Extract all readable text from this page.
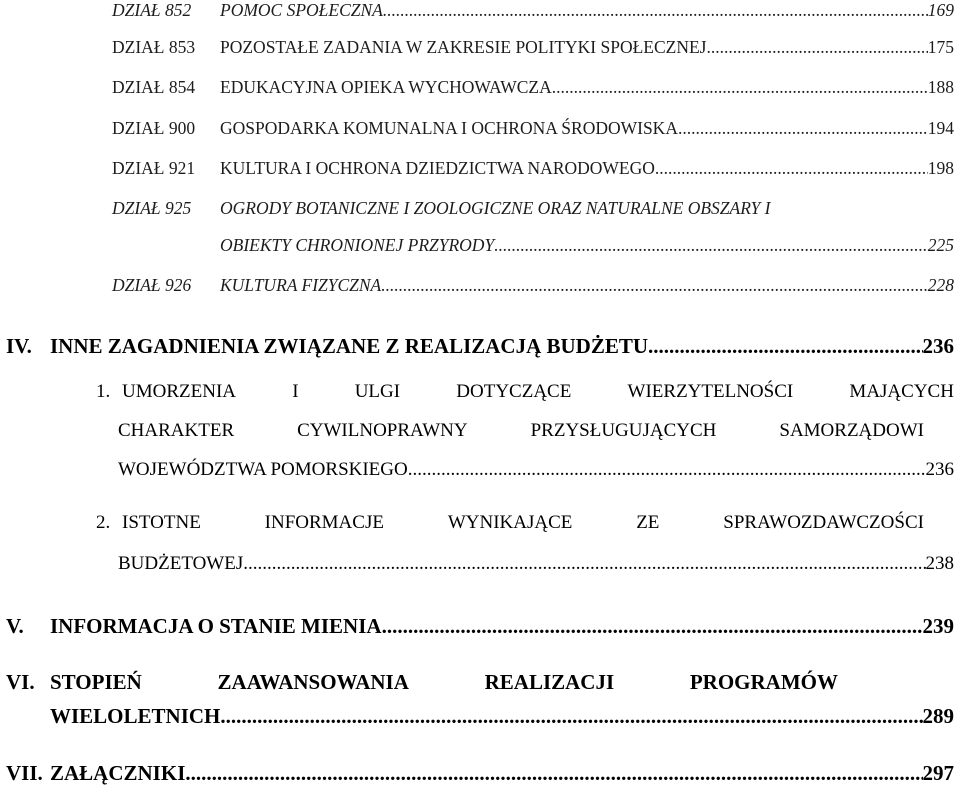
DZIAŁ 852	POMOC SPOŁECZNA .....	169
DZIAŁ 853	POZOSTAŁE ZADANIA W ZAKRESIE POLITYKI SPOŁECZNEJ .....	175
DZIAŁ 854	EDUKACYJNA OPIEKA WYCHOWAWCZA .....	188
DZIAŁ 900	GOSPODARKA KOMUNALNA I OCHRONA ŚRODOWISKA .....	194
DZIAŁ 921	KULTURA I OCHRONA DZIEDZICTWA NARODOWEGO .....	198
DZIAŁ 925	OGRODY BOTANICZNE I ZOOLOGICZNE ORAZ NATURALNE OBSZARY I
OBIEKTY CHRONIONEJ PRZYRODY .....	225
DZIAŁ 926	KULTURA FIZYCZNA .....	228
IV. INNE ZAGADNIENIA ZWIĄZANE Z REALIZACJĄ BUDŻETU .....	236
1. UMORZENIA	I	ULGI	DOTYCZĄCE	WIERZYTELNOŚCI	MAJĄCYCH
CHARAKTER	CYWILNOPRAWNY	PRZYSŁUGUJĄCYCH	SAMORZĄDOWI
WOJEWÓDZTWA POMORSKIEGO .....	236
2. ISTOTNE	INFORMACJE	WYNIKAJĄCE	ZE	SPRAWOZDAWCZOŚCI
BUDŻETOWEJ .....	238
V.	INFORMACJA O STANIE MIENIA .....	239
VI. STOPIEŃ	ZAAWANSOWANIA	REALIZACJI	PROGRAMÓW
WIELOLETNICH .....	289
VII. ZAŁĄCZNIKI .....	297
